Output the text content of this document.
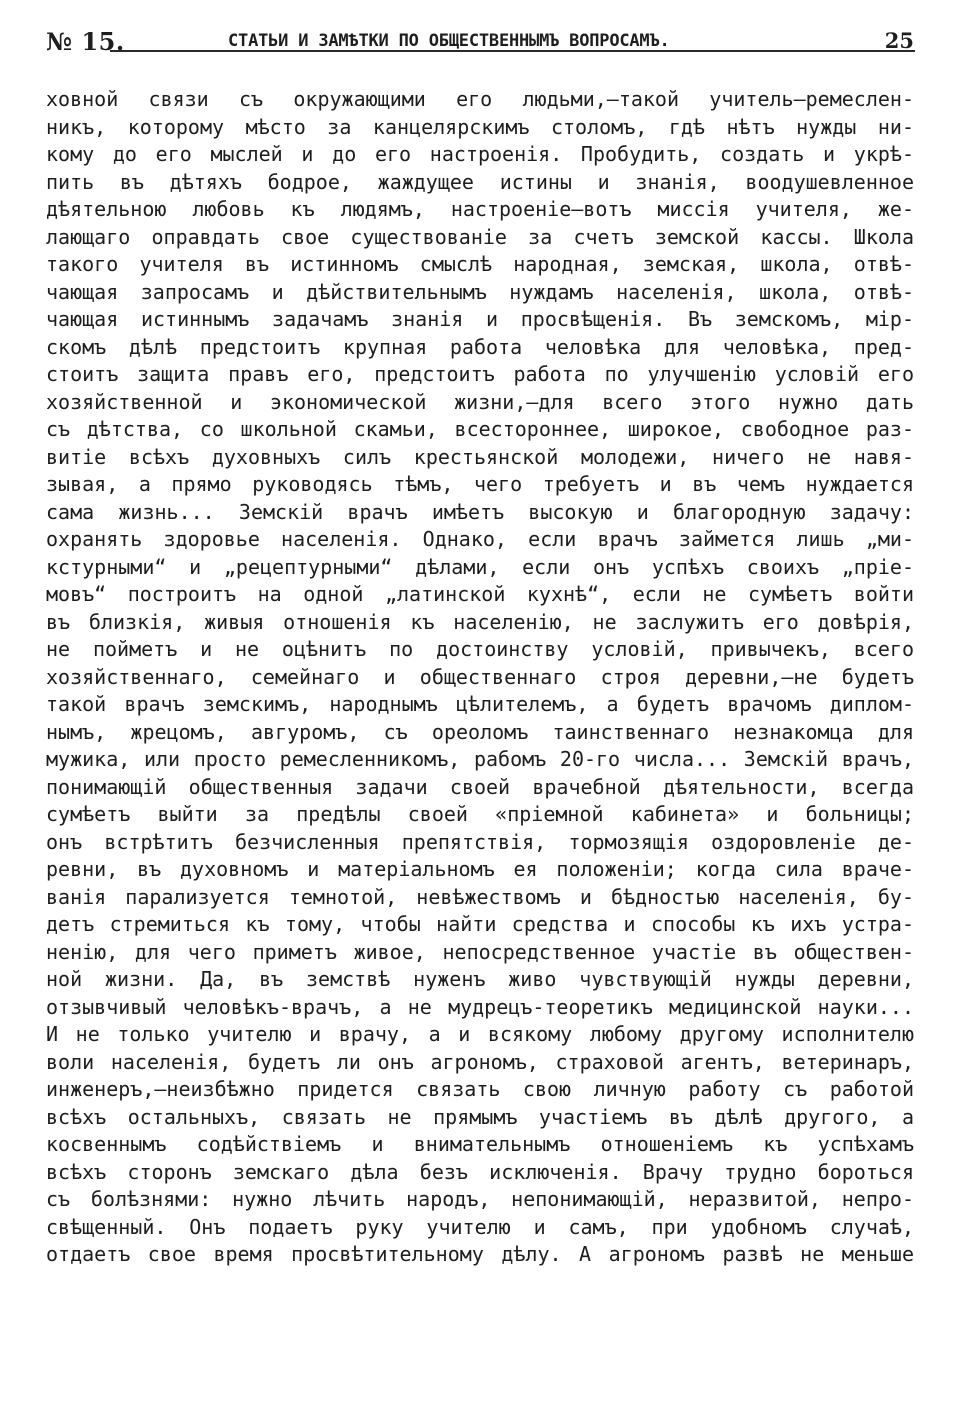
№ 15.	СТАТЬИ И ЗАМѢТКИ ПО ОБЩЕСТВЕННЫМЪ ВОПРОСАМЪ.	25
ховной связи съ окружающими его людьми,—такой учитель—ремеслен-
никъ, которому мѣсто за канцелярскимъ столомъ, гдѣ нѣтъ нужды ни-
кому до его мыслей и до его настроенія. Пробудить, создать и укрѣ-
пить въ дѣтяхъ бодрое, жаждущее истины и знанія, воодушевленное
дѣятельною любовь къ людямъ, настроеніе—вотъ миссія учителя, же-
лающаго оправдать свое существованіе за счетъ земской кассы. Школа
такого учителя въ истинномъ смыслѣ народная, земская, школа, отвѣ-
чающая запросамъ и дѣйствительнымъ нуждамъ населенія, школа, отвѣ-
чающая истиннымъ задачамъ знанія и просвѣщенія. Въ земскомъ, мір-
скомъ дѣлѣ предстоитъ крупная работа человѣка для человѣка, пред-
стоитъ защита правъ его, предстоитъ работа по улучшенію условій его
хозяйственной и экономической жизни,—для всего этого нужно дать
съ дѣтства, со школьной скамьи, всестороннее, широкое, свободное раз-
витіе всѣхъ духовныхъ силъ крестьянской молодежи, ничего не навя-
зывая, а прямо руководясь тѣмъ, чего требуетъ и въ чемъ нуждается
сама жизнь... Земскій врачъ имѣетъ высокую и благородную задачу:
охранять здоровье населенія. Однако, если врачъ займется лишь „ми-
кстурными“ и „рецептурными“ дѣлами, если онъ успѣхъ своихъ „пріе-
мовъ“ построитъ на одной „латинской кухнѣ“, если не сумѣетъ войти
въ близкія, живыя отношенія къ населенію, не заслужитъ его довѣрія,
не пойметъ и не оцѣнитъ по достоинству условій, привычекъ, всего
хозяйственнаго, семейнаго и общественнаго строя деревни,—не будетъ
такой врачъ земскимъ, народнымъ цѣлителемъ, а будетъ врачомъ диплом-
нымъ, жрецомъ, авгуромъ, съ ореоломъ таинственнаго незнакомца для
мужика, или просто ремесленникомъ, рабомъ 20-го числа... Земскій врачъ,
понимающій общественныя задачи своей врачебной дѣятельности, всегда
сумѣетъ выйти за предѣлы своей «пріемной кабинета» и больницы;
онъ встрѣтитъ безчисленныя препятствія, тормозящія оздоровленіе де-
ревни, въ духовномъ и матеріальномъ ея положеніи; когда сила враче-
ванія парализуется темнотой, невѣжествомъ и бѣдностью населенія, бу-
детъ стремиться къ тому, чтобы найти средства и способы къ ихъ устра-
ненію, для чего приметъ живое, непосредственное участіе въ обществен-
ной жизни. Да, въ земствѣ нуженъ живо чувствующій нужды деревни,
отзывчивый человѣкъ-врачъ, а не мудрецъ-теоретикъ медицинской науки...
И не только учителю и врачу, а и всякому любому другому исполнителю
воли населенія, будетъ ли онъ агрономъ, страховой агентъ, ветеринаръ,
инженеръ,—неизбѣжно придется связать свою личную работу съ работой
всѣхъ остальныхъ, связать не прямымъ участіемъ въ дѣлѣ другого, а
косвеннымъ содѣйствіемъ и внимательнымъ отношеніемъ къ успѣхамъ
всѣхъ сторонъ земскаго дѣла безъ исключенія. Врачу трудно бороться
съ болѣзнями: нужно лѣчить народъ, непонимающій, неразвитой, непро-
свѣщенный. Онъ подаетъ руку учителю и самъ, при удобномъ случаѣ,
отдаетъ свое время просвѣтительному дѣлу. А агрономъ развѣ не меньше
